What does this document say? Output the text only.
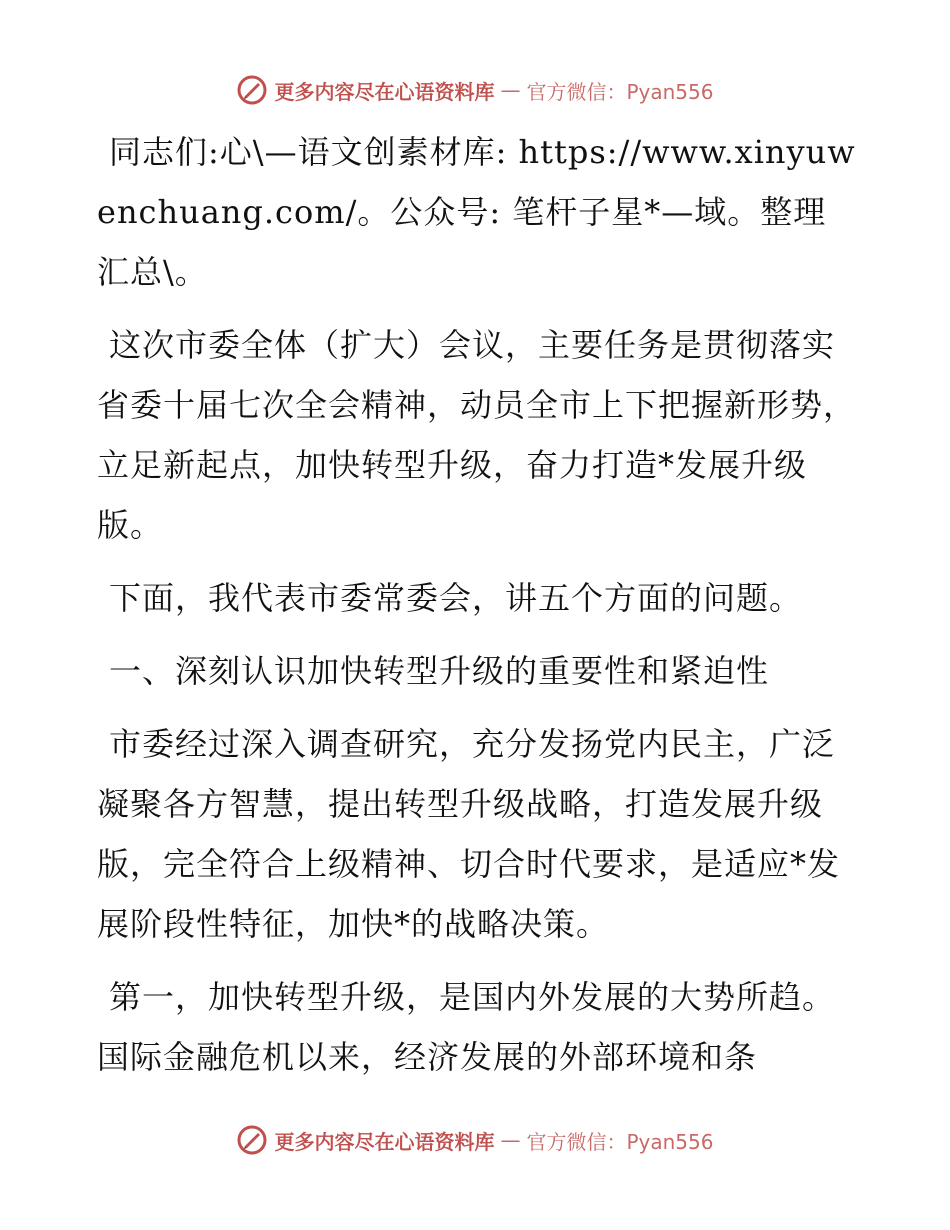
更多内容尽在心语资料库 — 官方微信：Pyan556

同志们:心\—语文创素材库: https://www.xinyuwenchuang.com/。公众号: 笔杆子星*—域。整理汇总\。

这次市委全体（扩大）会议，主要任务是贯彻落实省委十届七次全会精神，动员全市上下把握新形势，立足新起点，加快转型升级，奋力打造*发展升级版。

下面，我代表市委常委会，讲五个方面的问题。

一、深刻认识加快转型升级的重要性和紧迫性

市委经过深入调查研究，充分发扬党内民主，广泛凝聚各方智慧，提出转型升级战略，打造发展升级版，完全符合上级精神、切合时代要求，是适应*发展阶段性特征，加快*的战略决策。

第一，加快转型升级，是国内外发展的大势所趋。国际金融危机以来，经济发展的外部环境和条

更多内容尽在心语资料库 — 官方微信：Pyan556
